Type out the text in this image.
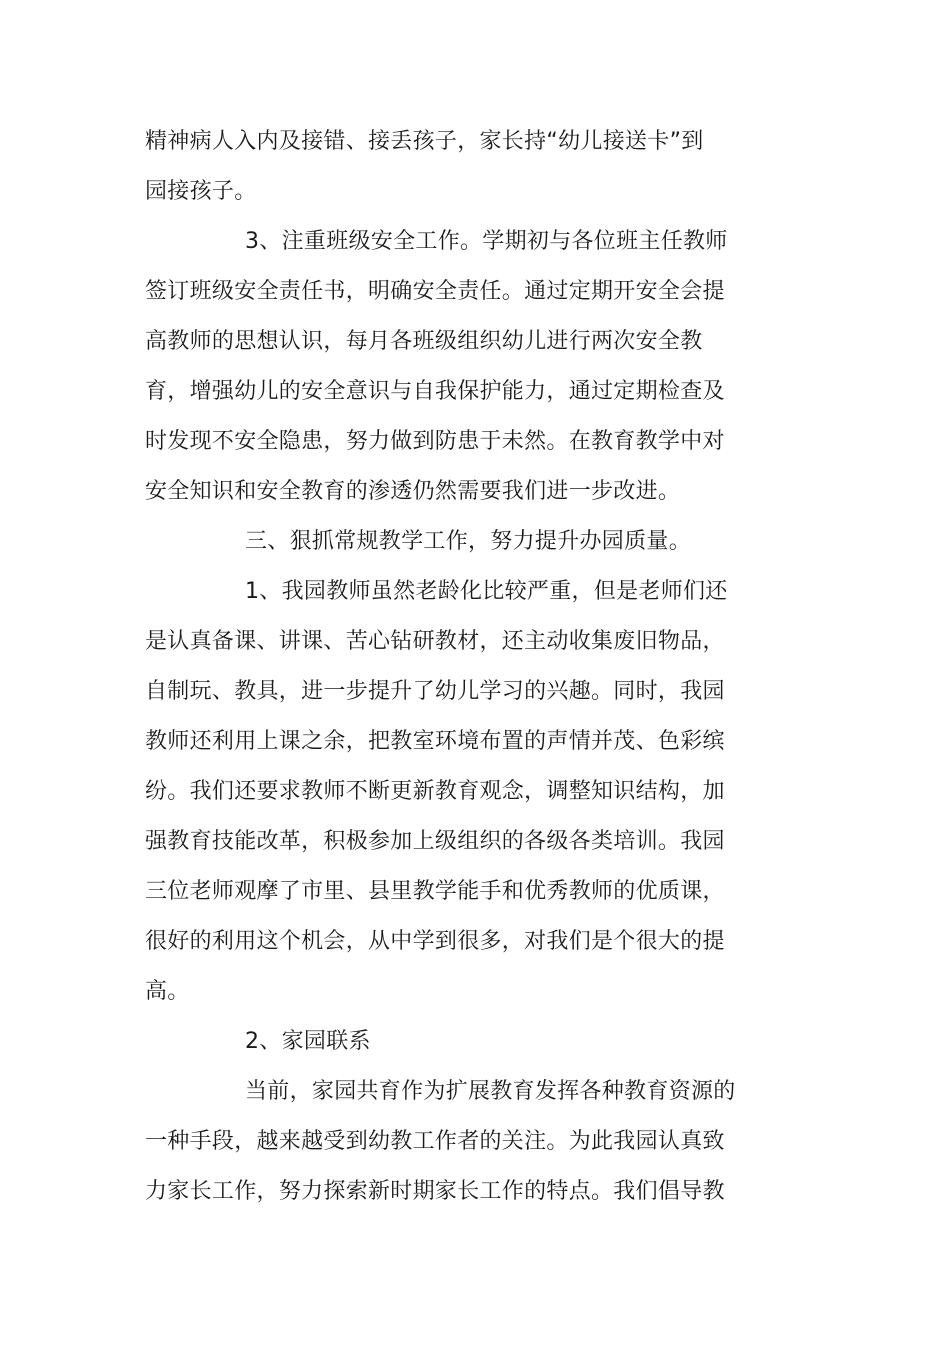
精神病人入内及接错、接丢孩子，家长持“幼儿接送卡”到
园接孩子。
3、注重班级安全工作。学期初与各位班主任教师
签订班级安全责任书，明确安全责任。通过定期开安全会提
高教师的思想认识，每月各班级组织幼儿进行两次安全教
育，增强幼儿的安全意识与自我保护能力，通过定期检查及
时发现不安全隐患，努力做到防患于未然。在教育教学中对
安全知识和安全教育的渗透仍然需要我们进一步改进。
三、狠抓常规教学工作，努力提升办园质量。
1、我园教师虽然老龄化比较严重，但是老师们还
是认真备课、讲课、苦心钻研教材，还主动收集废旧物品，
自制玩、教具，进一步提升了幼儿学习的兴趣。同时，我园
教师还利用上课之余，把教室环境布置的声情并茂、色彩缤
纷。我们还要求教师不断更新教育观念，调整知识结构，加
强教育技能改革，积极参加上级组织的各级各类培训。我园
三位老师观摩了市里、县里教学能手和优秀教师的优质课，
很好的利用这个机会，从中学到很多，对我们是个很大的提
高。
2、家园联系
当前，家园共育作为扩展教育发挥各种教育资源的
一种手段，越来越受到幼教工作者的关注。为此我园认真致
力家长工作，努力探索新时期家长工作的特点。我们倡导教
